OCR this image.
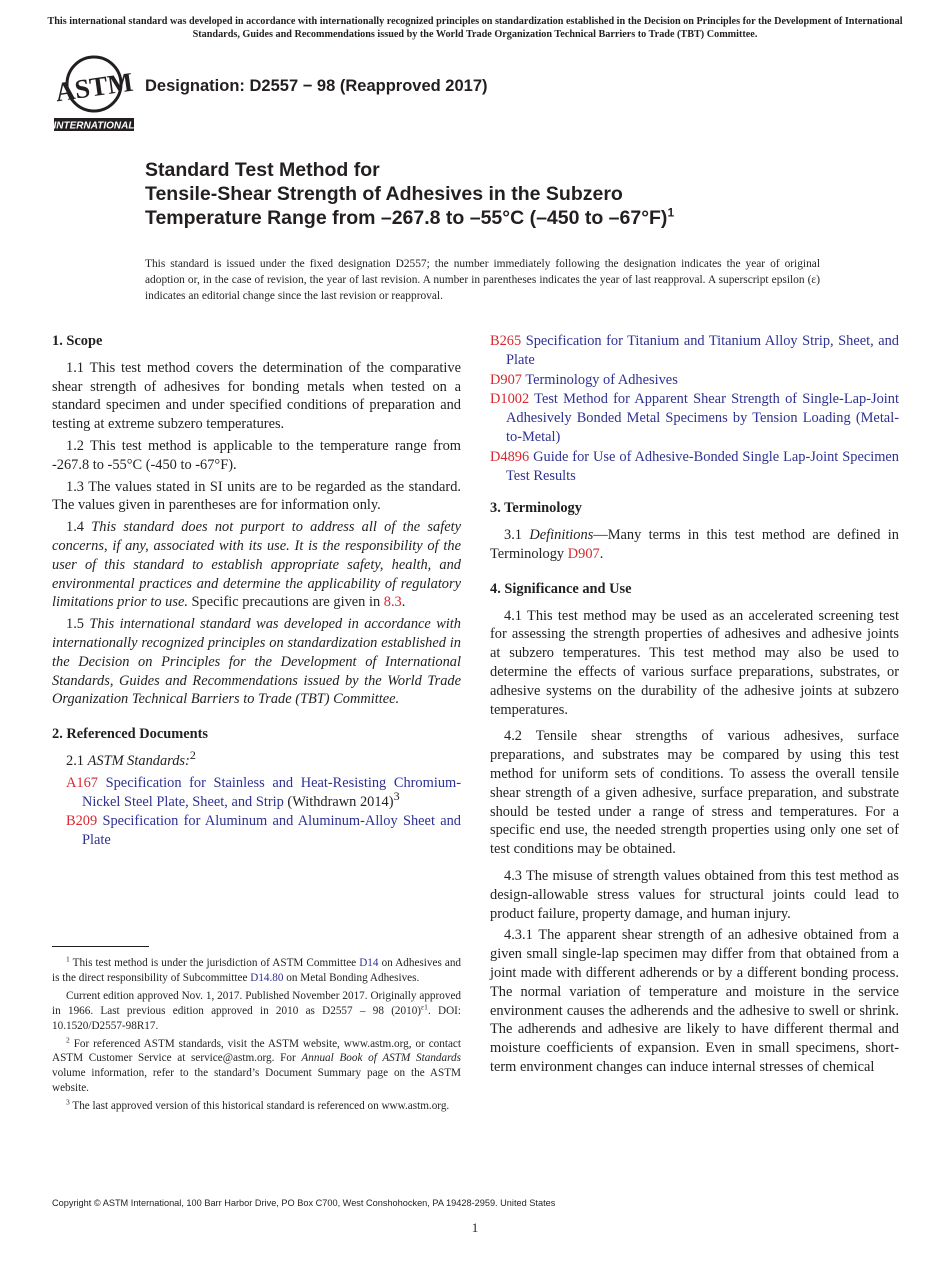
This international standard was developed in accordance with internationally recognized principles on standardization established in the Decision on Principles for the Development of International Standards, Guides and Recommendations issued by the World Trade Organization Technical Barriers to Trade (TBT) Committee.
ASTM
INTERNATIONAL
Designation: D2557 − 98 (Reapproved 2017)
Standard Test Method for
Tensile-Shear Strength of Adhesives in the Subzero
Temperature Range from –267.8 to –55°C (–450 to –67°F)$^1$
This standard is issued under the fixed designation D2557; the number immediately following the designation indicates the year of original adoption or, in the case of revision, the year of last revision. A number in parentheses indicates the year of last reapproval. A superscript epsilon (ε) indicates an editorial change since the last revision or reapproval.
1. Scope
1.1 This test method covers the determination of the comparative shear strength of adhesives for bonding metals when tested on a standard specimen and under specified conditions of preparation and testing at extreme subzero temperatures.
1.2 This test method is applicable to the temperature range from -267.8 to -55°C (-450 to -67°F).
1.3 The values stated in SI units are to be regarded as the standard. The values given in parentheses are for information only.
1.4 This standard does not purport to address all of the safety concerns, if any, associated with its use. It is the responsibility of the user of this standard to establish appropriate safety, health, and environmental practices and determine the applicability of regulatory limitations prior to use. Specific precautions are given in 8.3.
1.5 This international standard was developed in accordance with internationally recognized principles on standardization established in the Decision on Principles for the Development of International Standards, Guides and Recommendations issued by the World Trade Organization Technical Barriers to Trade (TBT) Committee.
2. Referenced Documents
2.1 ASTM Standards:$^2$
A167 Specification for Stainless and Heat-Resisting Chromium-Nickel Steel Plate, Sheet, and Strip (Withdrawn 2014)$^3$
B209 Specification for Aluminum and Aluminum-Alloy Sheet and Plate
$^1$ This test method is under the jurisdiction of ASTM Committee D14 on Adhesives and is the direct responsibility of Subcommittee D14.80 on Metal Bonding Adhesives.
Current edition approved Nov. 1, 2017. Published November 2017. Originally approved in 1966. Last previous edition approved in 2010 as D2557 – 98 $(2010)^{\varepsilon 1}$. DOI: 10.1520/D2557-98R17.
$^2$ For referenced ASTM standards, visit the ASTM website, www.astm.org, or contact ASTM Customer Service at service@astm.org. For Annual Book of ASTM Standards volume information, refer to the standard’s Document Summary page on the ASTM website.
$^3$ The last approved version of this historical standard is referenced on www.astm.org.
B265 Specification for Titanium and Titanium Alloy Strip, Sheet, and Plate
D907 Terminology of Adhesives
D1002 Test Method for Apparent Shear Strength of Single-Lap-Joint Adhesively Bonded Metal Specimens by Tension Loading (Metal-to-Metal)
D4896 Guide for Use of Adhesive-Bonded Single Lap-Joint Specimen Test Results
3. Terminology
3.1 Definitions—Many terms in this test method are defined in Terminology D907.
4. Significance and Use
4.1 This test method may be used as an accelerated screening test for assessing the strength properties of adhesives and adhesive joints at subzero temperatures. This test method may also be used to determine the effects of various surface preparations, substrates, or adhesive systems on the durability of the adhesive joints at subzero temperatures.
4.2 Tensile shear strengths of various adhesives, surface preparations, and substrates may be compared by using this test method for uniform sets of conditions. To assess the overall tensile shear strength of a given adhesive, surface preparation, and substrate should be tested under a range of stress and temperatures. For a specific end use, the needed strength properties using only one set of test conditions may be obtained.
4.3 The misuse of strength values obtained from this test method as design-allowable stress values for structural joints could lead to product failure, property damage, and human injury.
4.3.1 The apparent shear strength of an adhesive obtained from a given small single-lap specimen may differ from that obtained from a joint made with different adherends or by a different bonding process. The normal variation of temperature and moisture in the service environment causes the adherends and the adhesive to swell or shrink. The adherends and adhesive are likely to have different thermal and moisture coefficients of expansion. Even in small specimens, short-term environment changes can induce internal stresses of chemical
Copyright © ASTM International, 100 Barr Harbor Drive, PO Box C700, West Conshohocken, PA 19428-2959. United States
1
